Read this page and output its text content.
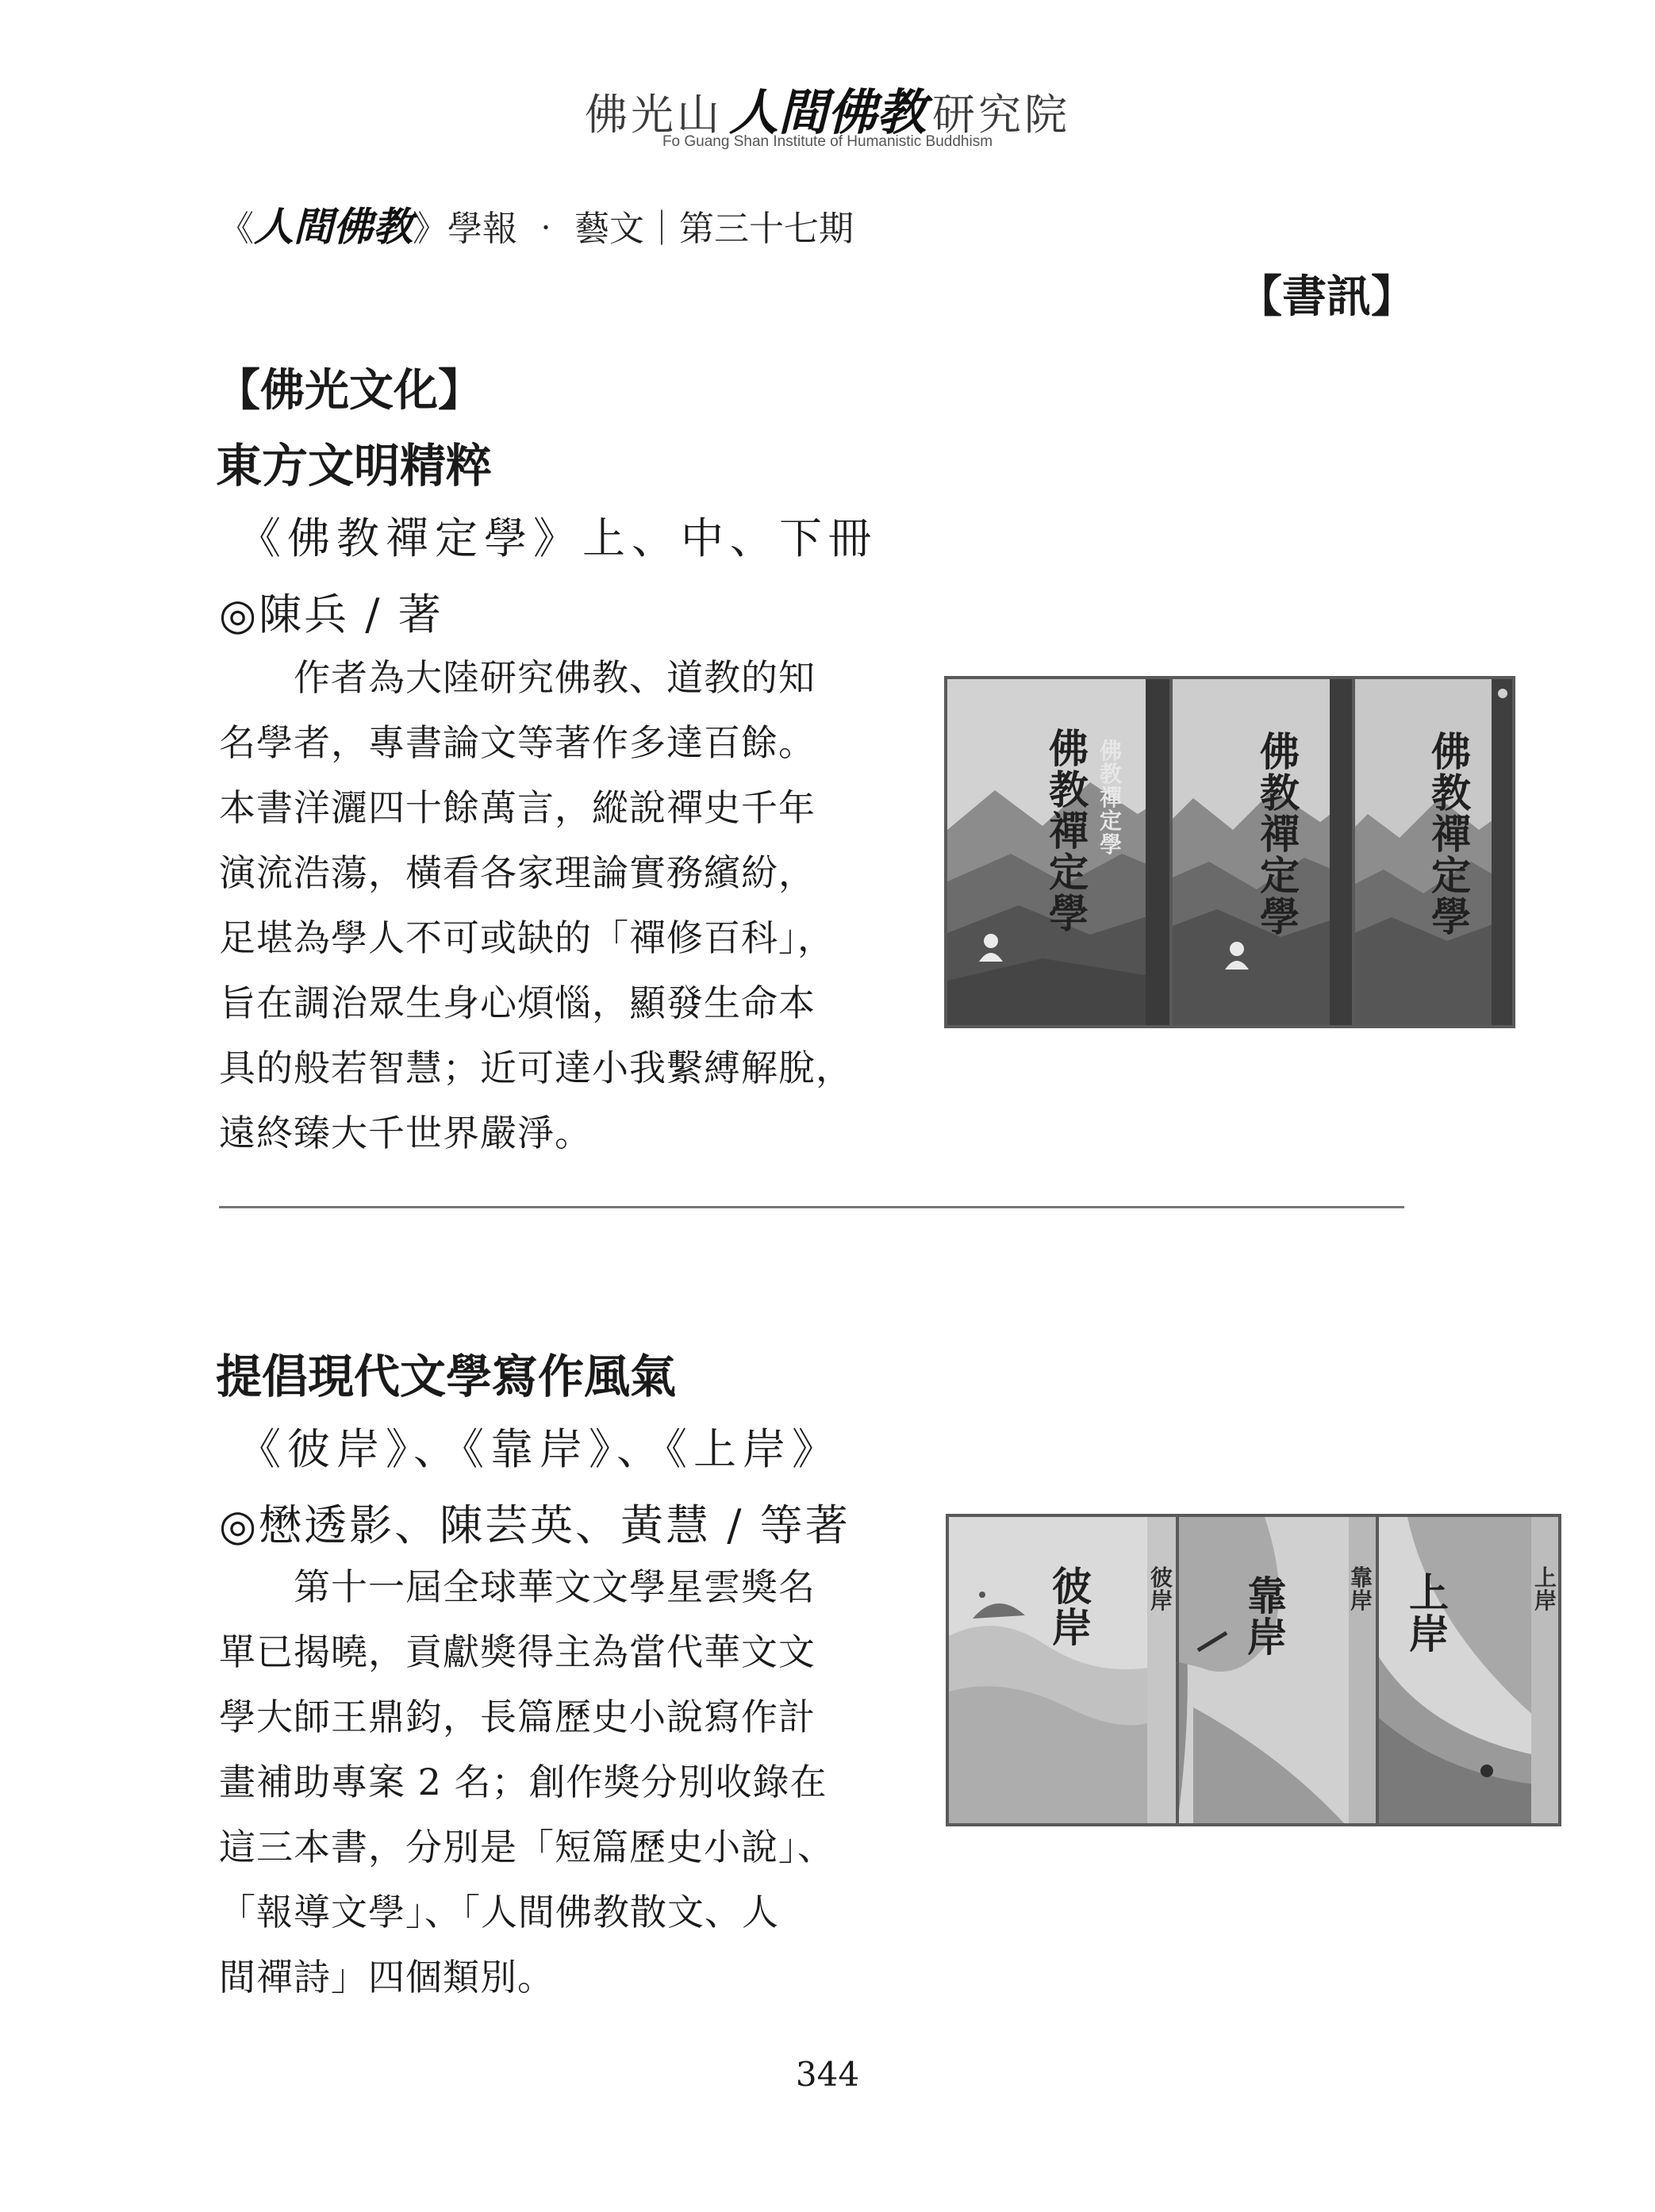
佛光山 人間佛教 研究院
Fo Guang Shan Institute of Humanistic Buddhism
《人間佛教》學報 ‧ 藝文｜第三十七期
【書訊】
【佛光文化】
東方文明精粹
《佛教禪定學》上、中、下冊
◎陳兵 / 著
　　作者為大陸研究佛教、道教的知
名學者，專書論文等著作多達百餘。
本書洋灑四十餘萬言，縱說禪史千年
演流浩蕩，橫看各家理論實務繽紛，
足堪為學人不可或缺的「禪修百科」，
旨在調治眾生身心煩惱，顯發生命本
具的般若智慧；近可達小我繫縛解脫，
遠終臻大千世界嚴淨。
佛
教
禪
定
學
佛
教
禪
定
學
佛
教
禪
定
學
佛
教
禪
定
學
提倡現代文學寫作風氣
《彼岸》、《靠岸》、《上岸》
◎懋透影、陳芸英、黃慧 / 等著
　　第十一屆全球華文文學星雲獎名
單已揭曉，貢獻獎得主為當代華文文
學大師王鼎鈞，長篇歷史小說寫作計
畫補助專案 2 名；創作獎分別收錄在
這三本書，分別是「短篇歷史小說」、
「報導文學」、「人間佛教散文、人
間禪詩」四個類別。
上
岸
上
岸
靠
岸
靠
岸
彼
岸
彼
岸
344
